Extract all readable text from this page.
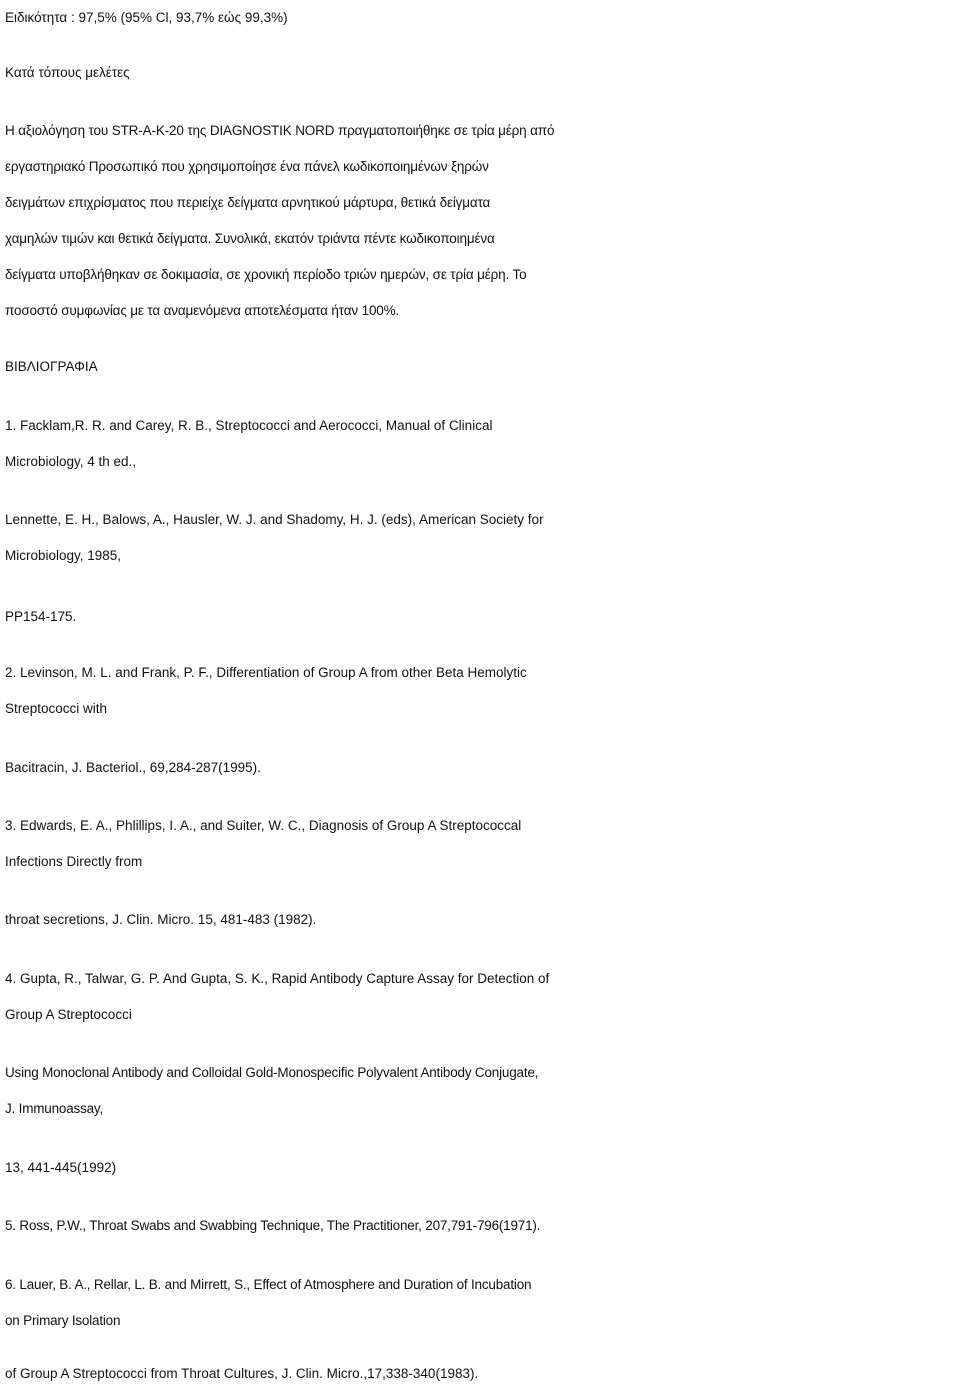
Ειδικότητα : 97,5% (95% Cl, 93,7% εώς 99,3%)
Κατά τόπους μελέτες
Η αξιολόγηση του STR-A-K-20 της DIAGNOSTIK NORD πραγματοποιήθηκε σε τρία μέρη από
εργαστηριακό Προσωπικό που χρησιμοποίησε ένα πάνελ κωδικοποιημένων ξηρών
δειγμάτων επιχρίσματος που περιείχε δείγματα αρνητικού μάρτυρα, θετικά δείγματα
χαμηλών τιμών και θετικά δείγματα. Συνολικά, εκατόν τριάντα πέντε κωδικοποιημένα
δείγματα υποβλήθηκαν σε δοκιμασία, σε χρονική περίοδο τριών ημερών, σε τρία μέρη. Το
ποσοστό συμφωνίας με τα αναμενόμενα αποτελέσματα ήταν 100%.
ΒΙΒΛΙΟΓΡΑΦΙΑ
1. Facklam,R. R. and Carey, R. B., Streptococci and Aerococci, Manual of Clinical
Microbiology, 4 th ed.,
Lennette, E. H., Balows, A., Hausler, W. J. and Shadomy, H. J. (eds), American Society for
Microbiology, 1985,
PP154-175.
2. Levinson, M. L. and Frank, P. F., Differentiation of Group A from other Beta Hemolytic
Streptococci with
Bacitracin, J. Bacteriol., 69,284-287(1995).
3. Edwards, E. A., Phlillips, I. A., and Suiter, W. C., Diagnosis of Group A Streptococcal
Infections Directly from
throat secretions, J. Clin. Micro. 15, 481-483 (1982).
4. Gupta, R., Talwar, G. P. And Gupta, S. K., Rapid Antibody Capture Assay for Detection of
Group A Streptococci
Using Monoclonal Antibody and Colloidal Gold-Monospecific Polyvalent Antibody Conjugate,
J. Immunoassay,
13, 441-445(1992)
5. Ross, P.W., Throat Swabs and Swabbing Technique, The Practitioner, 207,791-796(1971).
6. Lauer, B. A., Rellar, L. B. and Mirrett, S., Effect of Atmosphere and Duration of Incubation
on Primary Isolation
of Group A Streptococci from Throat Cultures, J. Clin. Micro.,17,338-340(1983).
